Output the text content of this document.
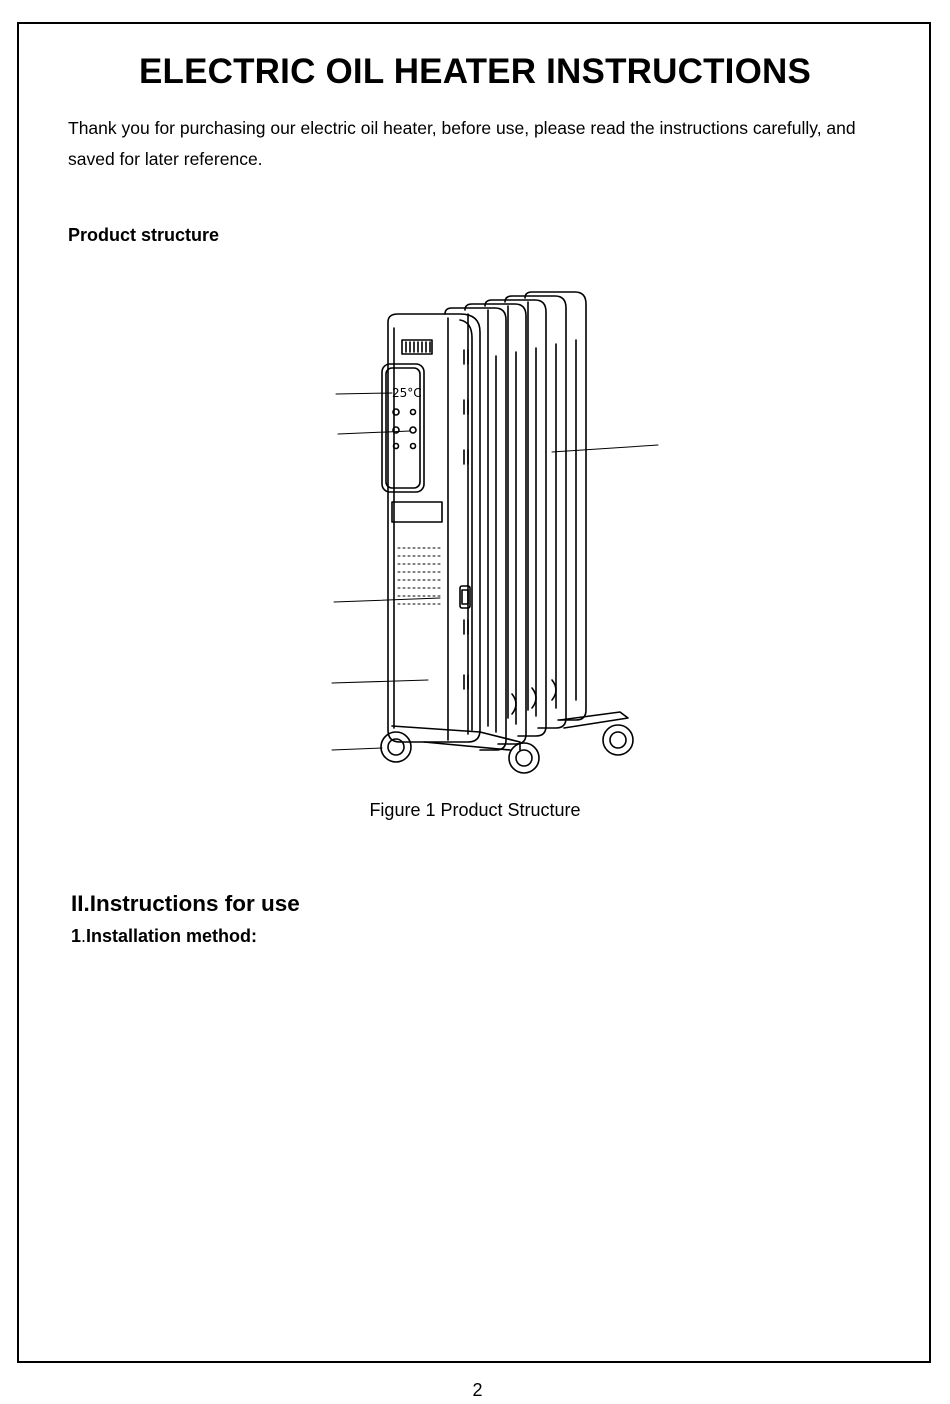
ELECTRIC OIL HEATER INSTRUCTIONS

Thank you for purchasing our electric oil heater, before use, please read the instructions carefully, and saved for later reference.

Product structure

25°C

Figure 1 Product Structure

II.Instructions for use

1.Installation method:

2
